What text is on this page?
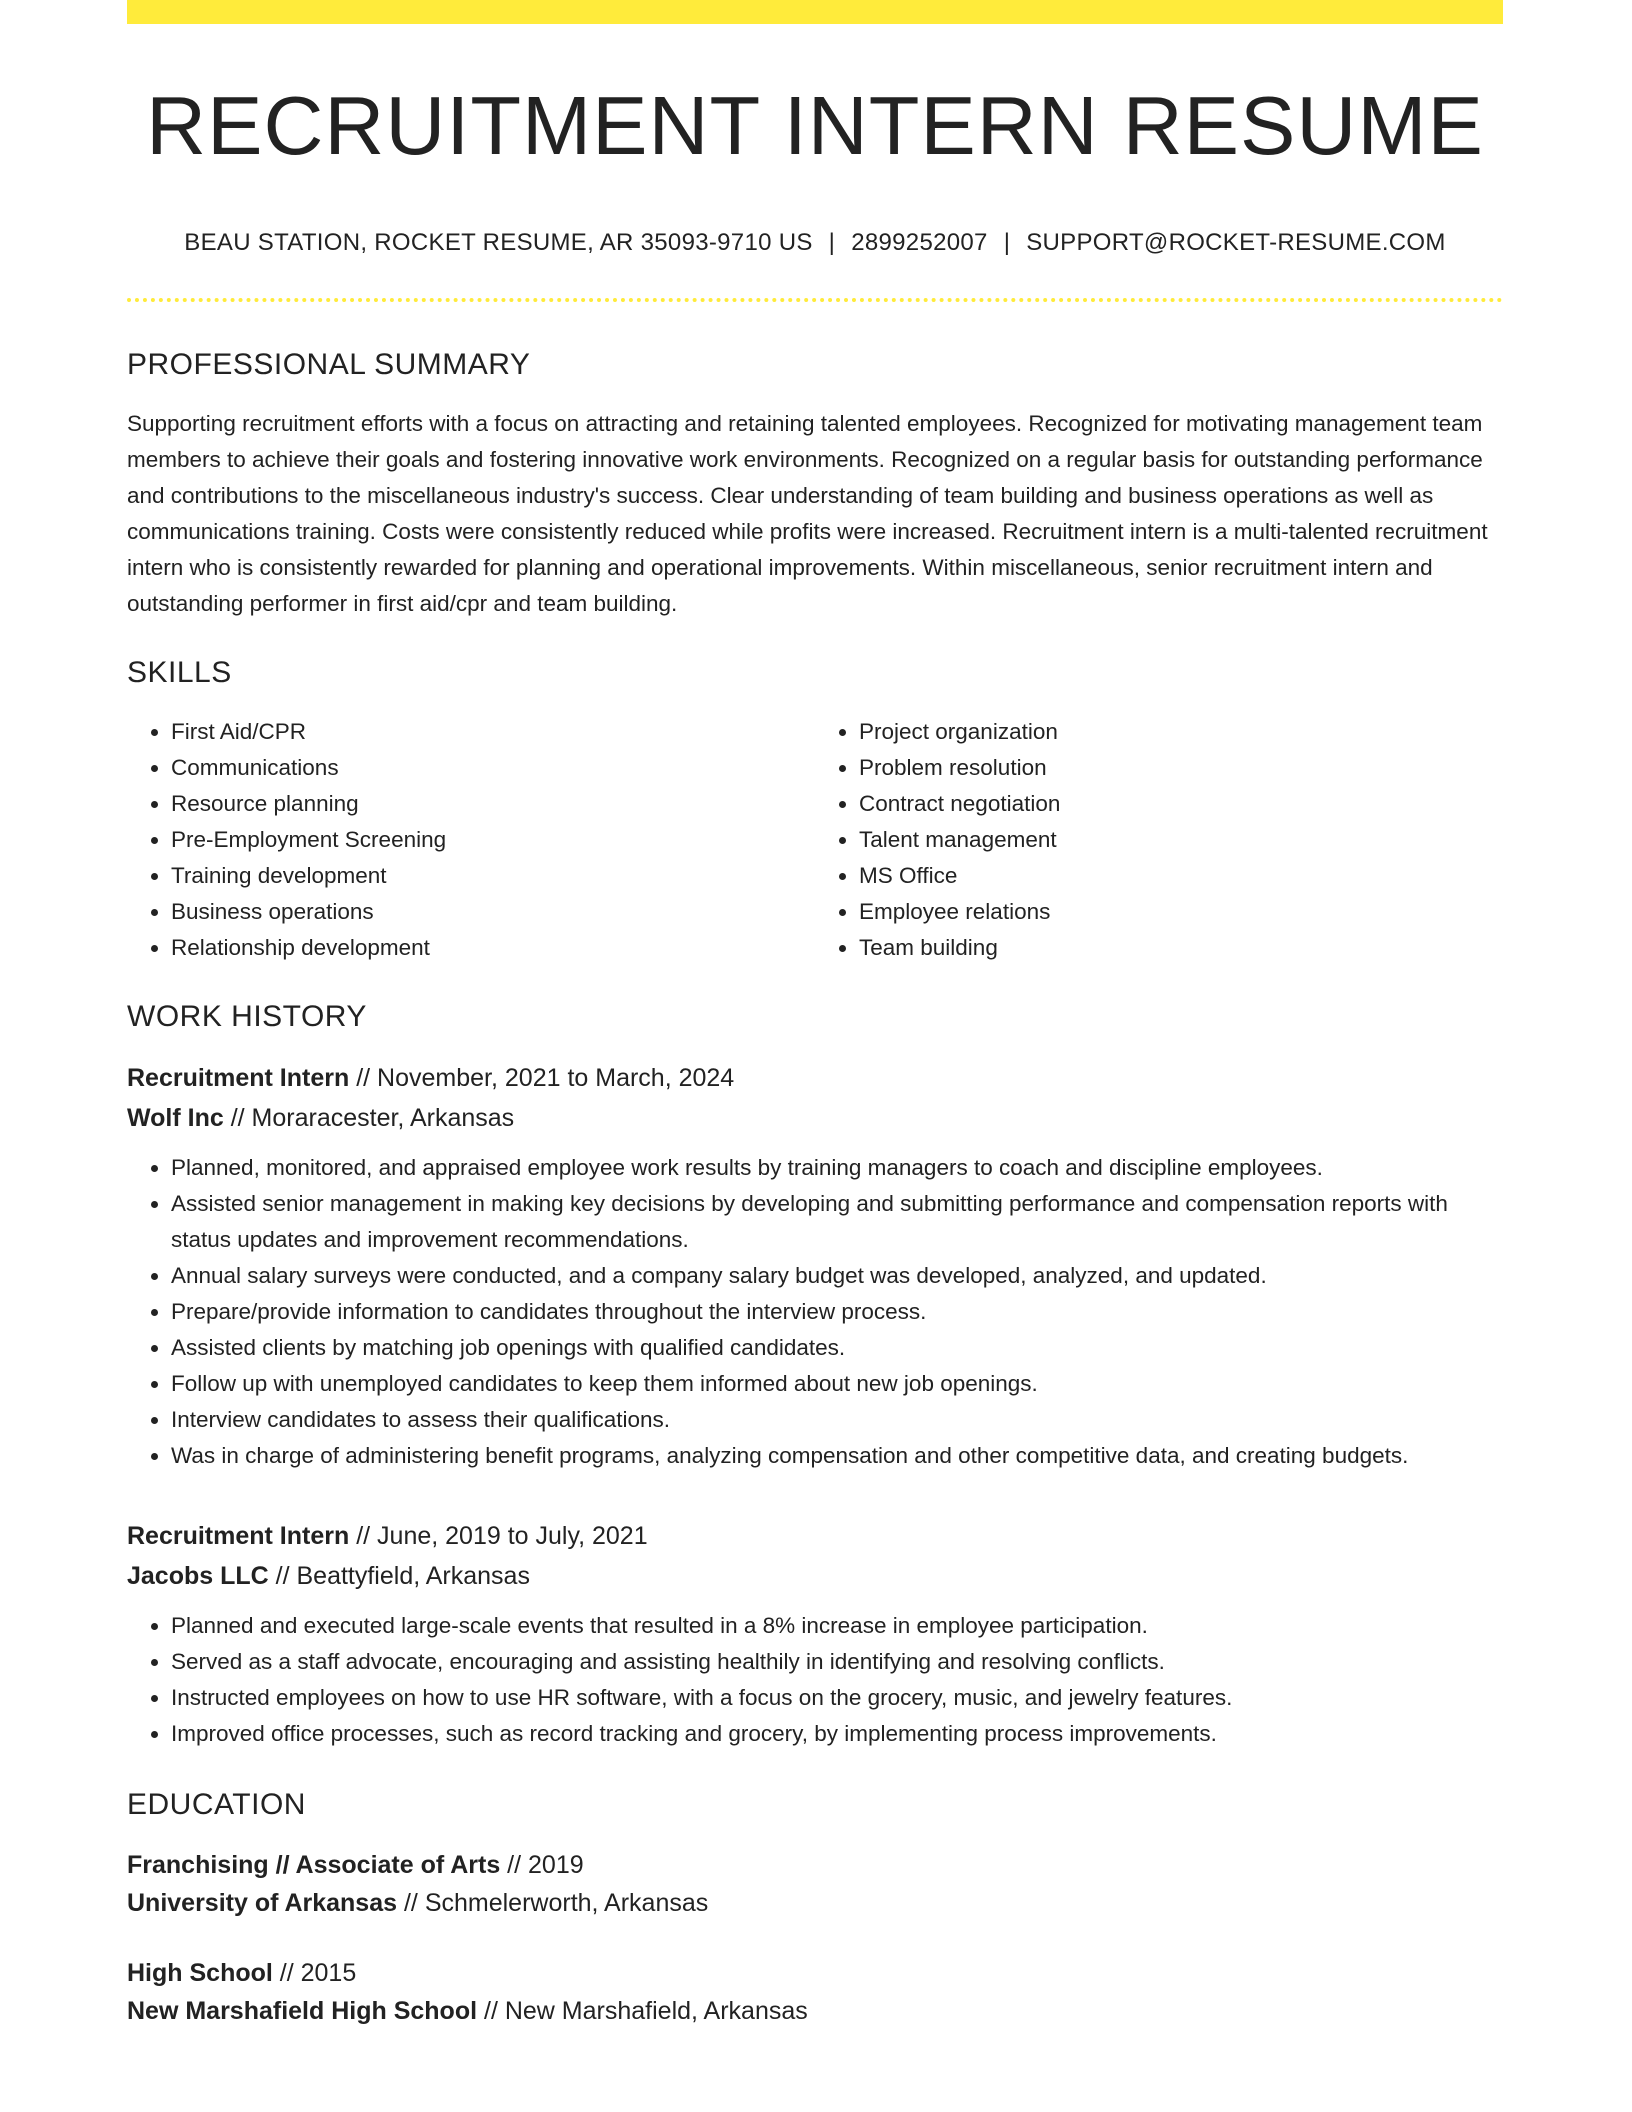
RECRUITMENT INTERN RESUME
BEAU STATION, ROCKET RESUME, AR 35093-9710 US | 2899252007 | SUPPORT@ROCKET-RESUME.COM
PROFESSIONAL SUMMARY

Supporting recruitment efforts with a focus on attracting and retaining talented employees. Recognized for motivating management team members to achieve their goals and fostering innovative work environments. Recognized on a regular basis for outstanding performance and contributions to the miscellaneous industry's success. Clear understanding of team building and business operations as well as communications training. Costs were consistently reduced while profits were increased. Recruitment intern is a multi-talented recruitment intern who is consistently rewarded for planning and operational improvements. Within miscellaneous, senior recruitment intern and outstanding performer in first aid/cpr and team building.

SKILLS
• First Aid/CPR
• Communications
• Resource planning
• Pre-Employment Screening
• Training development
• Business operations
• Relationship development
• Project organization
• Problem resolution
• Contract negotiation
• Talent management
• MS Office
• Employee relations
• Team building
WORK HISTORY
Recruitment Intern // November, 2021 to March, 2024
Wolf Inc // Moraracester, Arkansas
• Planned, monitored, and appraised employee work results by training managers to coach and discipline employees.
• Assisted senior management in making key decisions by developing and submitting performance and compensation reports with status updates and improvement recommendations.
• Annual salary surveys were conducted, and a company salary budget was developed, analyzed, and updated.
• Prepare/provide information to candidates throughout the interview process.
• Assisted clients by matching job openings with qualified candidates.
• Follow up with unemployed candidates to keep them informed about new job openings.
• Interview candidates to assess their qualifications.
• Was in charge of administering benefit programs, analyzing compensation and other competitive data, and creating budgets.
Recruitment Intern // June, 2019 to July, 2021
Jacobs LLC // Beattyfield, Arkansas
• Planned and executed large-scale events that resulted in a 8% increase in employee participation.
• Served as a staff advocate, encouraging and assisting healthily in identifying and resolving conflicts.
• Instructed employees on how to use HR software, with a focus on the grocery, music, and jewelry features.
• Improved office processes, such as record tracking and grocery, by implementing process improvements.
EDUCATION
Franchising // Associate of Arts // 2019
University of Arkansas // Schmelerworth, Arkansas
High School // 2015
New Marshafield High School // New Marshafield, Arkansas
